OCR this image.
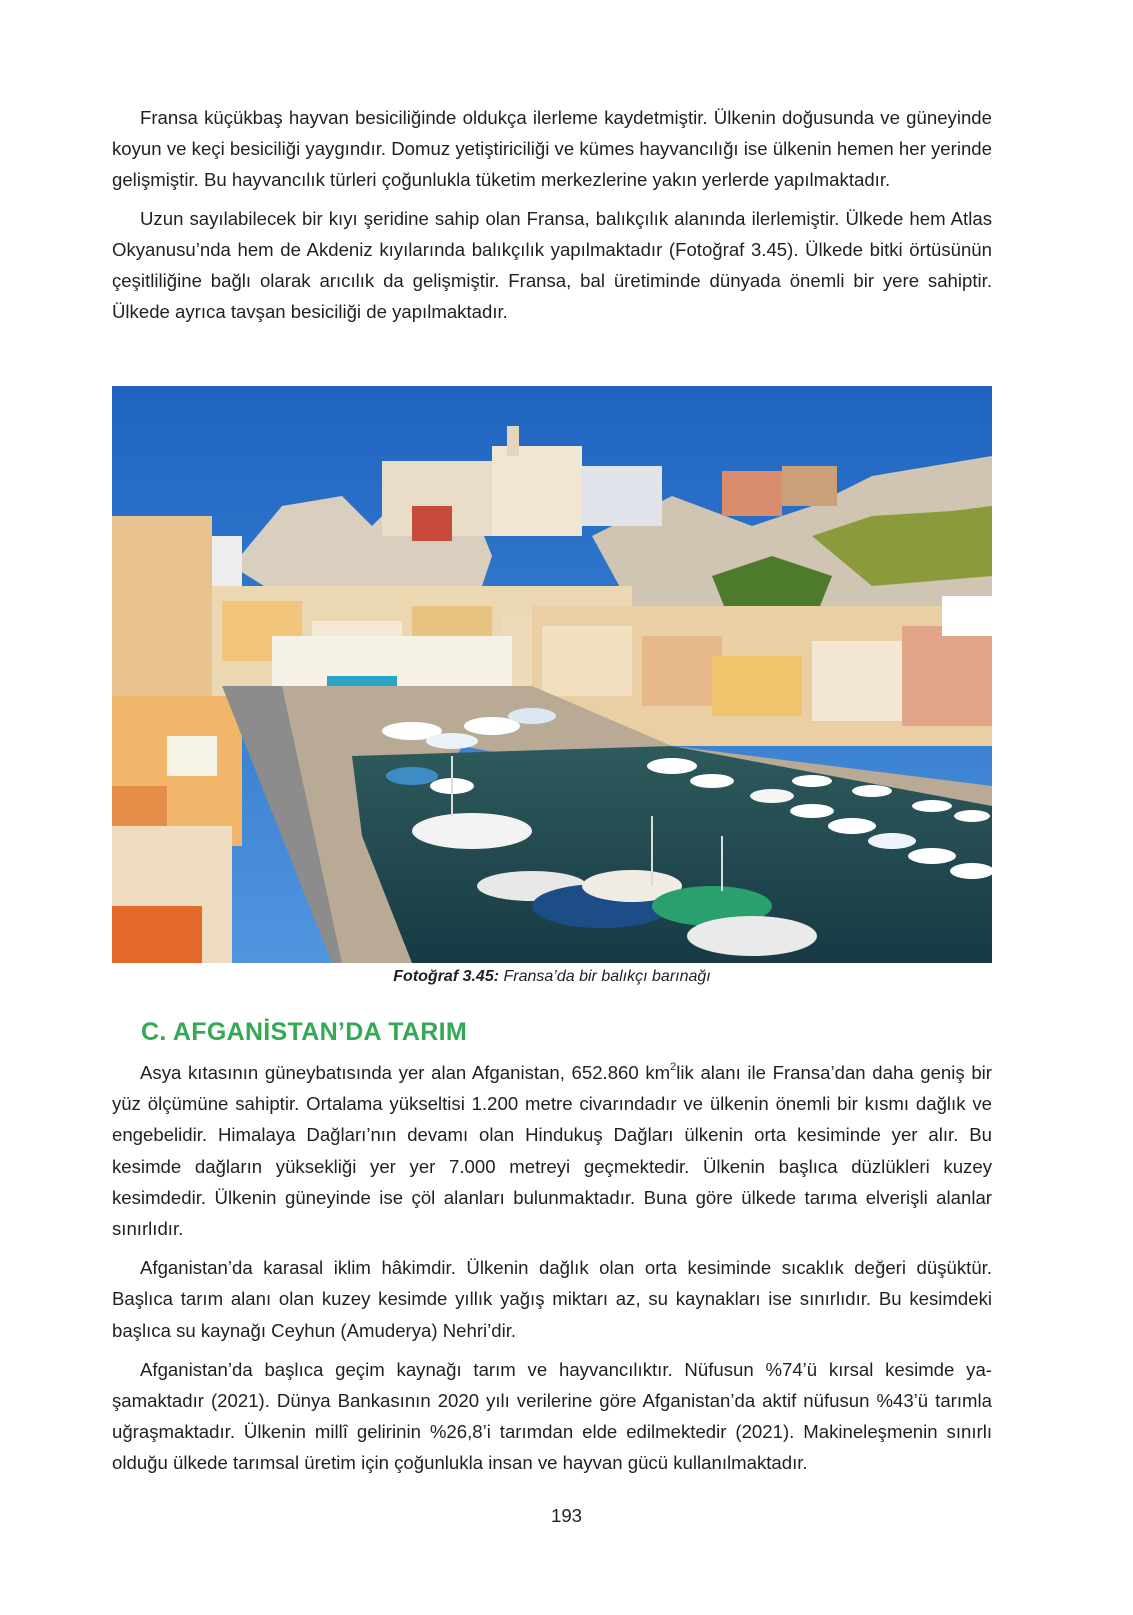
Fransa küçükbaş hayvan besiciliğinde oldukça ilerleme kaydetmiştir. Ülkenin doğusunda ve güneyinde koyun ve keçi besiciliği yaygındır. Domuz yetiştiriciliği ve kümes hayvancılığı ise ülkenin hemen her yerinde gelişmiştir. Bu hayvancılık türleri çoğunlukla tüketim merkezlerine yakın yerlerde yapılmaktadır.

Uzun sayılabilecek bir kıyı şeridine sahip olan Fransa, balıkçılık alanında ilerlemiştir. Ülkede hem Atlas Okyanusu’nda hem de Akdeniz kıyılarında balıkçılık yapılmaktadır (Fotoğraf 3.45). Ülkede bitki örtüsünün çeşitliliğine bağlı olarak arıcılık da gelişmiştir. Fransa, bal üretiminde dünyada önemli bir yere sahiptir. Ülkede ayrıca tavşan besiciliği de yapılmaktadır.

Fotoğraf 3.45: Fransa’da bir balıkçı barınağı
C. AFGANİSTAN’DA TARIM

Asya kıtasının güneybatısında yer alan Afganistan, 652.860 $km^2lik$ alanı ile Fransa’dan daha geniş bir yüz ölçümüne sahiptir. Ortalama yükseltisi 1.200 metre civarındadır ve ülkenin önemli bir kısmı dağlık ve engebelidir. Himalaya Dağları’nın devamı olan Hindukuş Dağları ülkenin orta kesiminde yer alır. Bu kesimde dağların yüksekliği yer yer 7.000 metreyi geçmektedir. Ülkenin başlıca düzlükleri kuzey kesimdedir. Ülkenin güneyinde ise çöl alanları bulunmaktadır. Buna göre ülkede tarıma elverişli alanlar sınırlıdır.

Afganistan’da karasal iklim hâkimdir. Ülkenin dağlık olan orta kesiminde sıcaklık değeri düşüktür. Başlıca tarım alanı olan kuzey kesimde yıllık yağış miktarı az, su kaynakları ise sınırlıdır. Bu kesimdeki başlıca su kaynağı Ceyhun (Amuderya) Nehri’dir.

Afganistan’da başlıca geçim kaynağı tarım ve hayvancılıktır. Nüfusun %74’ü kırsal kesimde yaşamaktadır (2021). Dünya Bankasının 2020 yılı verilerine göre Afganistan’da aktif nüfusun %43’ü tarımla uğraşmaktadır. Ülkenin millî gelirinin %26,8’i tarımdan elde edilmektedir (2021). Makineleşmenin sınırlı olduğu ülkede tarımsal üretim için çoğunlukla insan ve hayvan gücü kullanılmaktadır.

193
